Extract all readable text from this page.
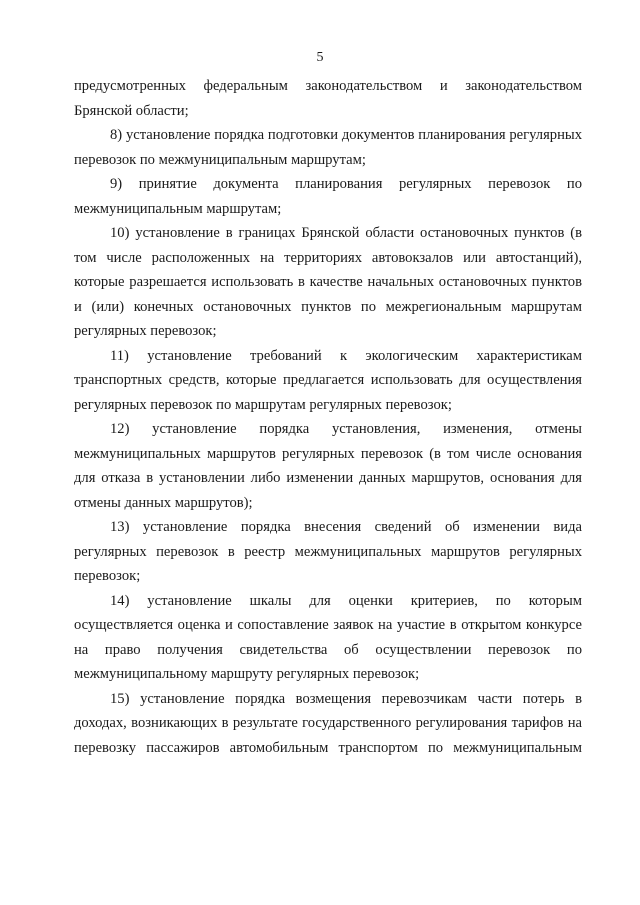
5

предусмотренных федеральным законодательством и законодательством Брянской области;

8) установление порядка подготовки документов планирования регулярных перевозок по межмуниципальным маршрутам;

9) принятие документа планирования регулярных перевозок по межмуниципальным маршрутам;

10) установление в границах Брянской области остановочных пунктов (в том числе расположенных на территориях автовокзалов или автостанций), которые разрешается использовать в качестве начальных остановочных пунктов и (или) конечных остановочных пунктов по межрегиональным маршрутам регулярных перевозок;

11) установление требований к экологическим характеристикам транспортных средств, которые предлагается использовать для осуществления регулярных перевозок по маршрутам регулярных перевозок;

12) установление порядка установления, изменения, отмены межмуниципальных маршрутов регулярных перевозок (в том числе основания для отказа в установлении либо изменении данных маршрутов, основания для отмены данных маршрутов);

13) установление порядка внесения сведений об изменении вида регулярных перевозок в реестр межмуниципальных маршрутов регулярных перевозок;

14) установление шкалы для оценки критериев, по которым осуществляется оценка и сопоставление заявок на участие в открытом конкурсе на право получения свидетельства об осуществлении перевозок по межмуниципальному маршруту регулярных перевозок;

15) установление порядка возмещения перевозчикам части потерь в доходах, возникающих в результате государственного регулирования тарифов на перевозку пассажиров автомобильным транспортом по межмуниципальным
